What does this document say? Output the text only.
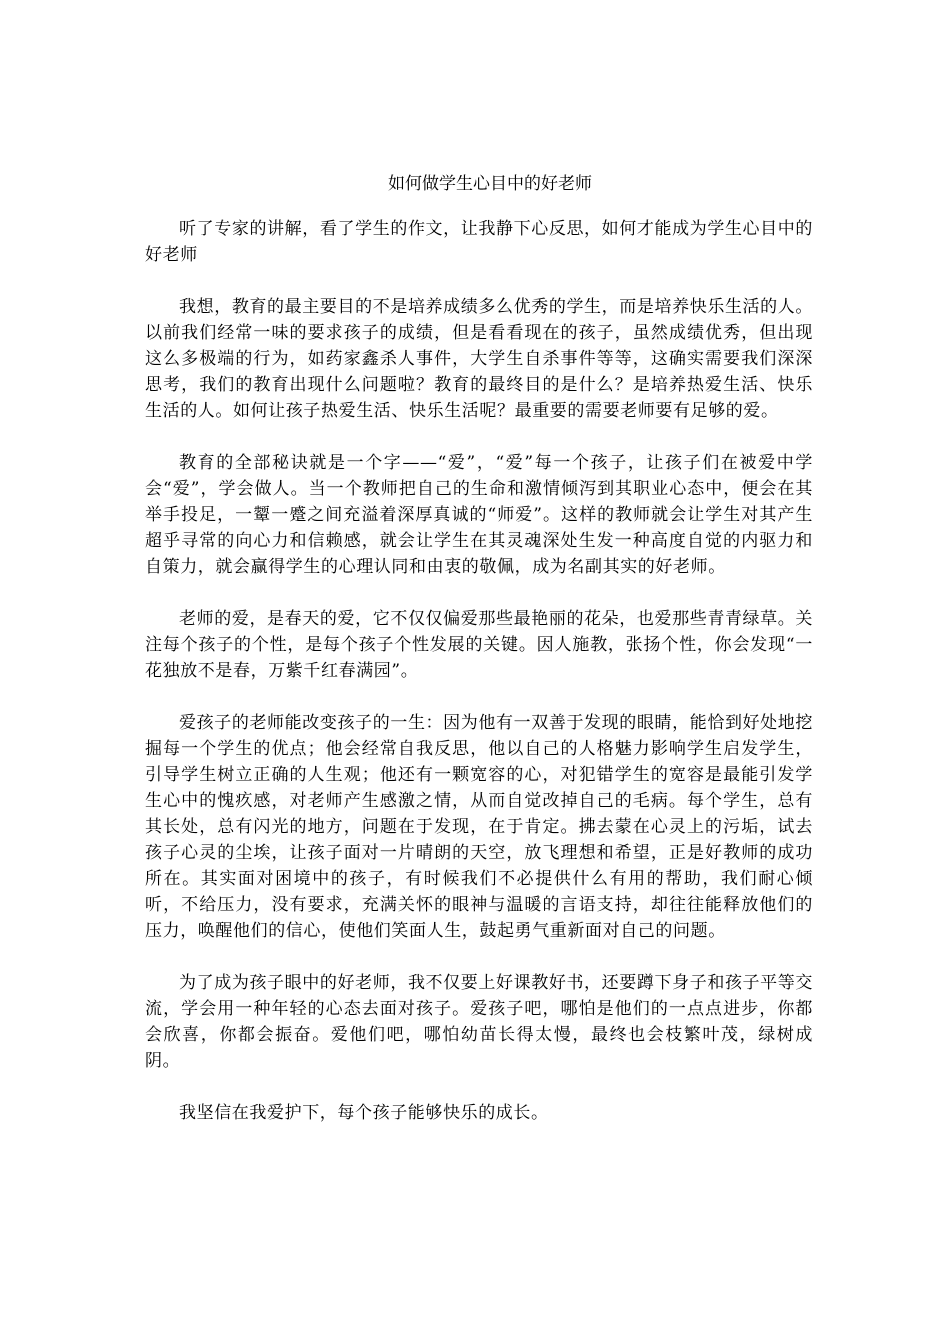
如何做学生心目中的好老师

听了专家的讲解，看了学生的作文，让我静下心反思，如何才能成为学生心目中的好老师

我想，教育的最主要目的不是培养成绩多么优秀的学生，而是培养快乐生活的人。以前我们经常一味的要求孩子的成绩，但是看看现在的孩子，虽然成绩优秀，但出现这么多极端的行为，如药家鑫杀人事件，大学生自杀事件等等，这确实需要我们深深思考，我们的教育出现什么问题啦？教育的最终目的是什么？是培养热爱生活、快乐生活的人。如何让孩子热爱生活、快乐生活呢？最重要的需要老师要有足够的爱。

教育的全部秘诀就是一个字——“爱”，“爱”每一个孩子，让孩子们在被爱中学会“爱”，学会做人。当一个教师把自己的生命和激情倾泻到其职业心态中，便会在其举手投足，一颦一蹙之间充溢着深厚真诚的“师爱”。这样的教师就会让学生对其产生超乎寻常的向心力和信赖感，就会让学生在其灵魂深处生发一种高度自觉的内驱力和自策力，就会赢得学生的心理认同和由衷的敬佩，成为名副其实的好老师。

老师的爱，是春天的爱，它不仅仅偏爱那些最艳丽的花朵，也爱那些青青绿草。关注每个孩子的个性，是每个孩子个性发展的关键。因人施教，张扬个性，你会发现“一花独放不是春，万紫千红春满园”。

爱孩子的老师能改变孩子的一生：因为他有一双善于发现的眼睛，能恰到好处地挖掘每一个学生的优点；他会经常自我反思，他以自己的人格魅力影响学生启发学生，引导学生树立正确的人生观；他还有一颗宽容的心，对犯错学生的宽容是最能引发学生心中的愧疚感，对老师产生感激之情，从而自觉改掉自己的毛病。每个学生，总有其长处，总有闪光的地方，问题在于发现，在于肯定。拂去蒙在心灵上的污垢，试去孩子心灵的尘埃，让孩子面对一片晴朗的天空，放飞理想和希望，正是好教师的成功所在。其实面对困境中的孩子，有时候我们不必提供什么有用的帮助，我们耐心倾听，不给压力，没有要求，充满关怀的眼神与温暖的言语支持，却往往能释放他们的压力，唤醒他们的信心，使他们笑面人生，鼓起勇气重新面对自己的问题。

为了成为孩子眼中的好老师，我不仅要上好课教好书，还要蹲下身子和孩子平等交流，学会用一种年轻的心态去面对孩子。爱孩子吧，哪怕是他们的一点点进步，你都会欣喜，你都会振奋。爱他们吧，哪怕幼苗长得太慢，最终也会枝繁叶茂，绿树成阴。

我坚信在我爱护下，每个孩子能够快乐的成长。
